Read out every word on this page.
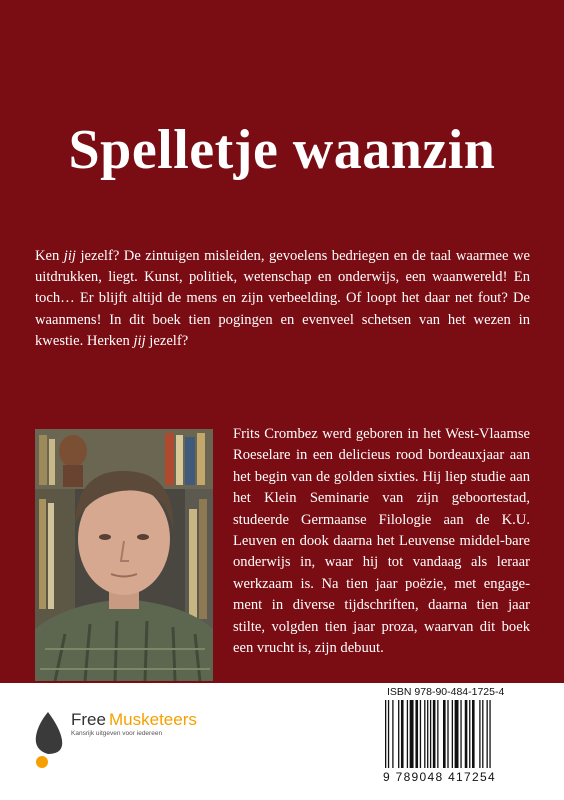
Spelletje waanzin

Ken jij jezelf? De zintuigen misleiden, gevoelens bedriegen en de taal waarmee we uitdrukken, liegt. Kunst, politiek, wetenschap en onderwijs, een waanwereld! En toch… Er blijft altijd de mens en zijn verbeelding. Of loopt het daar net fout? De waanmens! In dit boek tien pogingen en evenveel schetsen van het wezen in kwestie. Herken jij jezelf?

Frits Crombez werd geboren in het West-Vlaamse Roeselare in een delicieus rood bordeauxjaar aan het begin van de golden sixties. Hij liep studie aan het Klein Seminarie van zijn geboortestad, studeerde Germaanse Filologie aan de K.U. Leuven en dook daarna het Leuvense middel-bare onderwijs in, waar hij tot vandaag als leraar werkzaam is. Na tien jaar poëzie, met engage-ment in diverse tijdschriften, daarna tien jaar stilte, volgden tien jaar proza, waarvan dit boek een vrucht is, zijn debuut.

Free Musketeers
Kansrijk uitgeven voor iedereen

ISBN 978-90-484-1725-4

9 789048 417254
